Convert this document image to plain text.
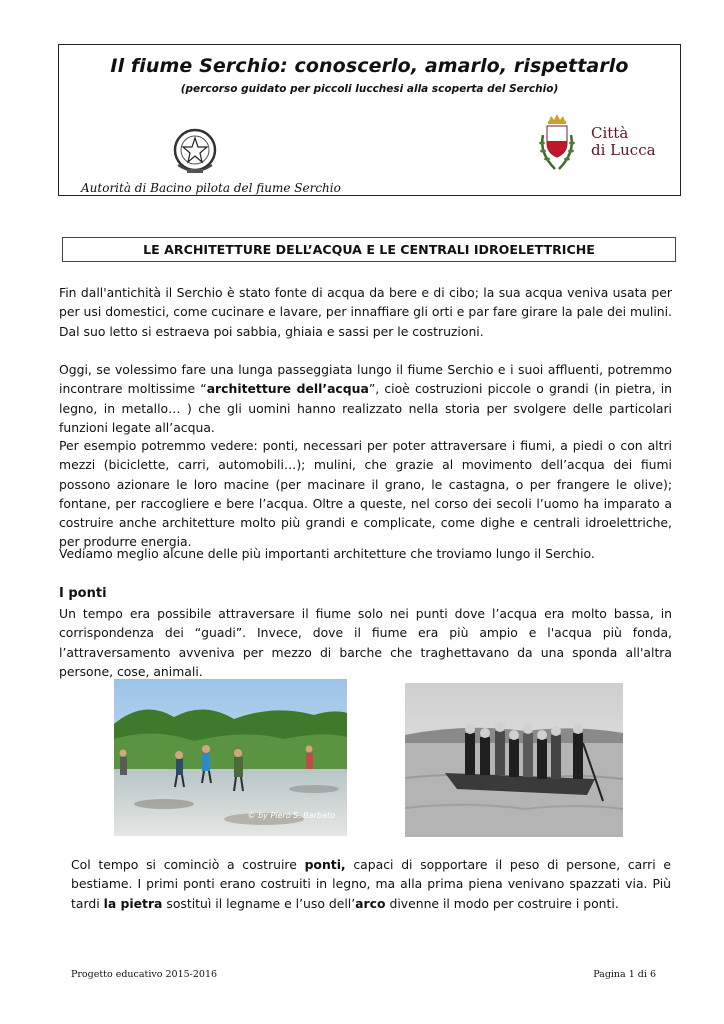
Il fiume Serchio: conoscerlo, amarlo, rispettarlo
(percorso guidato per piccoli lucchesi alla scoperta del Serchio)
Autorità di Bacino pilota del fiume Serchio
Città
di Lucca
LE ARCHITETTURE DELL’ACQUA E LE CENTRALI IDROELETTRICHE

Fin dall'antichità il Serchio è stato fonte di acqua da bere e di cibo; la sua acqua veniva usata per per usi domestici, come cucinare e lavare, per innaffiare gli orti e par fare girare la pale dei mulini. Dal suo letto si estraeva poi sabbia, ghiaia e sassi per le costruzioni.

Oggi, se volessimo fare una lunga passeggiata lungo il fiume Serchio e i suoi affluenti, potremmo incontrare moltissime “architetture dell’acqua”, cioè costruzioni piccole o grandi (in pietra, in legno, in metallo… ) che gli uomini hanno realizzato nella storia per svolgere delle particolari funzioni legate all’acqua.

Per esempio potremmo vedere: ponti, necessari per poter attraversare i fiumi, a piedi o con altri mezzi (biciclette, carri, automobili…); mulini, che grazie al movimento dell’acqua dei fiumi possono azionare le loro macine (per macinare il grano, le castagna, o per frangere le olive); fontane, per raccogliere e bere l’acqua. Oltre a queste, nel corso dei secoli l’uomo ha imparato a costruire anche architetture molto più grandi e complicate, come dighe e centrali idroelettriche, per produrre energia.

Vediamo meglio alcune delle più importanti architetture che troviamo lungo il Serchio.

I ponti

Un tempo era possibile attraversare il fiume solo nei punti dove l’acqua era molto bassa, in corrispondenza dei “guadi”. Invece, dove il fiume era più ampio e l'acqua più fonda, l’attraversamento avveniva per mezzo di barche che traghettavano da una sponda all'altra persone, cose, animali.

© by Piero S. Barbato

Col tempo si cominciò a costruire ponti, capaci di sopportare il peso di persone, carri e bestiame. I primi ponti erano costruiti in legno, ma alla prima piena venivano spazzati via. Più tardi la pietra sostituì il legname e l’uso dell’arco divenne il modo per costruire i ponti.

Progetto educativo 2015-2016	Pagina 1 di 6
